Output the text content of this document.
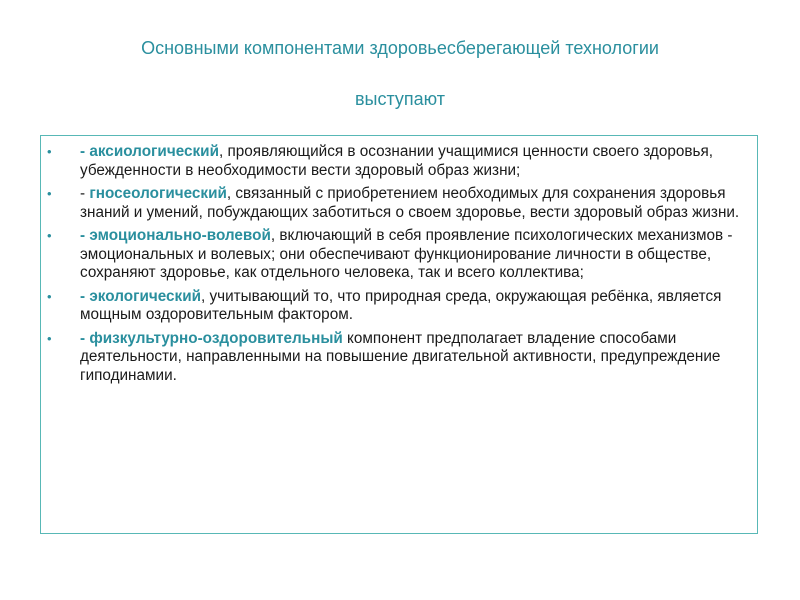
Основными компонентами здоровьесберегающей технологии
выступают
• - аксиологический, проявляющийся в осознании учащимися ценности своего здоровья, убежденности в необходимости вести здоровый образ жизни;
• - гносеологический, связанный с приобретением необходимых для сохранения здоровья знаний и умений, побуждающих заботиться о своем здоровье, вести здоровый образ жизни.
• - эмоционально-волевой, включающий в себя проявление психологических механизмов - эмоциональных и волевых; они обеспечивают функционирование личности в обществе, сохраняют здоровье, как отдельного человека, так и всего коллектива;
• - экологический, учитывающий то, что природная среда, окружающая ребёнка, является мощным оздоровительным фактором.
• - физкультурно-оздоровительный компонент предполагает владение способами деятельности, направленными на повышение двигательной активности, предупреждение гиподинамии.
